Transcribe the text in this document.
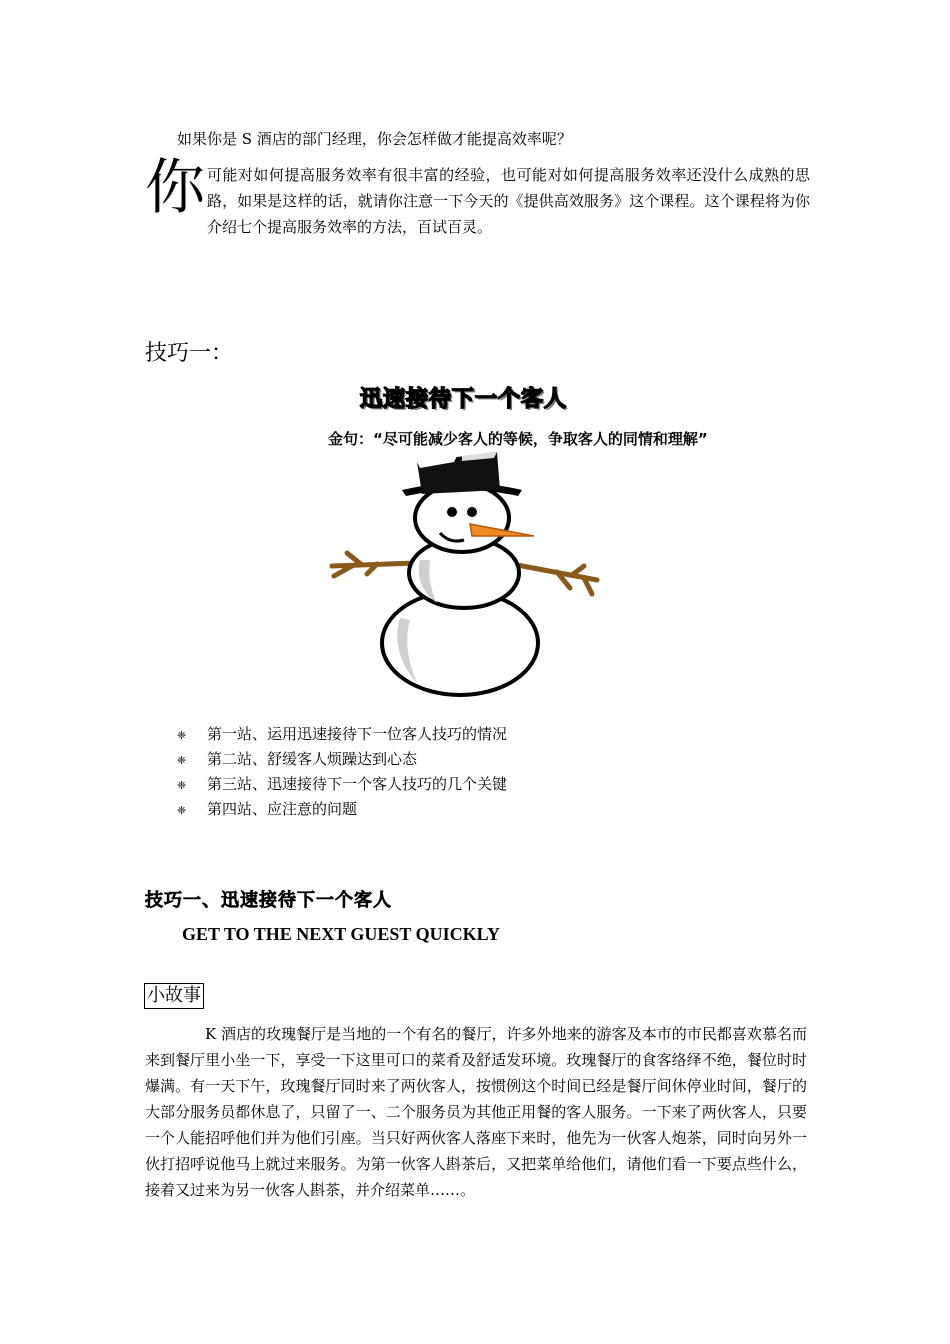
如果你是 S 酒店的部门经理，你会怎样做才能提高效率呢？
你 可能对如何提高服务效率有很丰富的经验，也可能对如何提高服务效率还没什么成熟的思路，如果是这样的话，就请你注意一下今天的《提供高效服务》这个课程。这个课程将为你介绍七个提高服务效率的方法，百试百灵。

技巧一：
迅速接待下一个客人
金句：“尽可能减少客人的等候，争取客人的同情和理解”
❈ 第一站、运用迅速接待下一位客人技巧的情况
❈ 第二站、舒缓客人烦躁达到心态
❈ 第三站、迅速接待下一个客人技巧的几个关键
❈ 第四站、应注意的问题
技巧一、迅速接待下一个客人
GET TO THE NEXT GUEST QUICKLY
小故事

K 酒店的玫瑰餐厅是当地的一个有名的餐厅，许多外地来的游客及本市的市民都喜欢慕名而来到餐厅里小坐一下，享受一下这里可口的菜肴及舒适发环境。玫瑰餐厅的食客络绎不绝，餐位时时爆满。有一天下午，玫瑰餐厅同时来了两伙客人，按惯例这个时间已经是餐厅间休停业时间，餐厅的大部分服务员都休息了，只留了一、二个服务员为其他正用餐的客人服务。一下来了两伙客人，只要一个人能招呼他们并为他们引座。当只好两伙客人落座下来时，他先为一伙客人炮茶，同时向另外一伙打招呼说他马上就过来服务。为第一伙客人斟茶后，又把菜单给他们，请他们看一下要点些什么，接着又过来为另一伙客人斟茶，并介绍菜单……。
